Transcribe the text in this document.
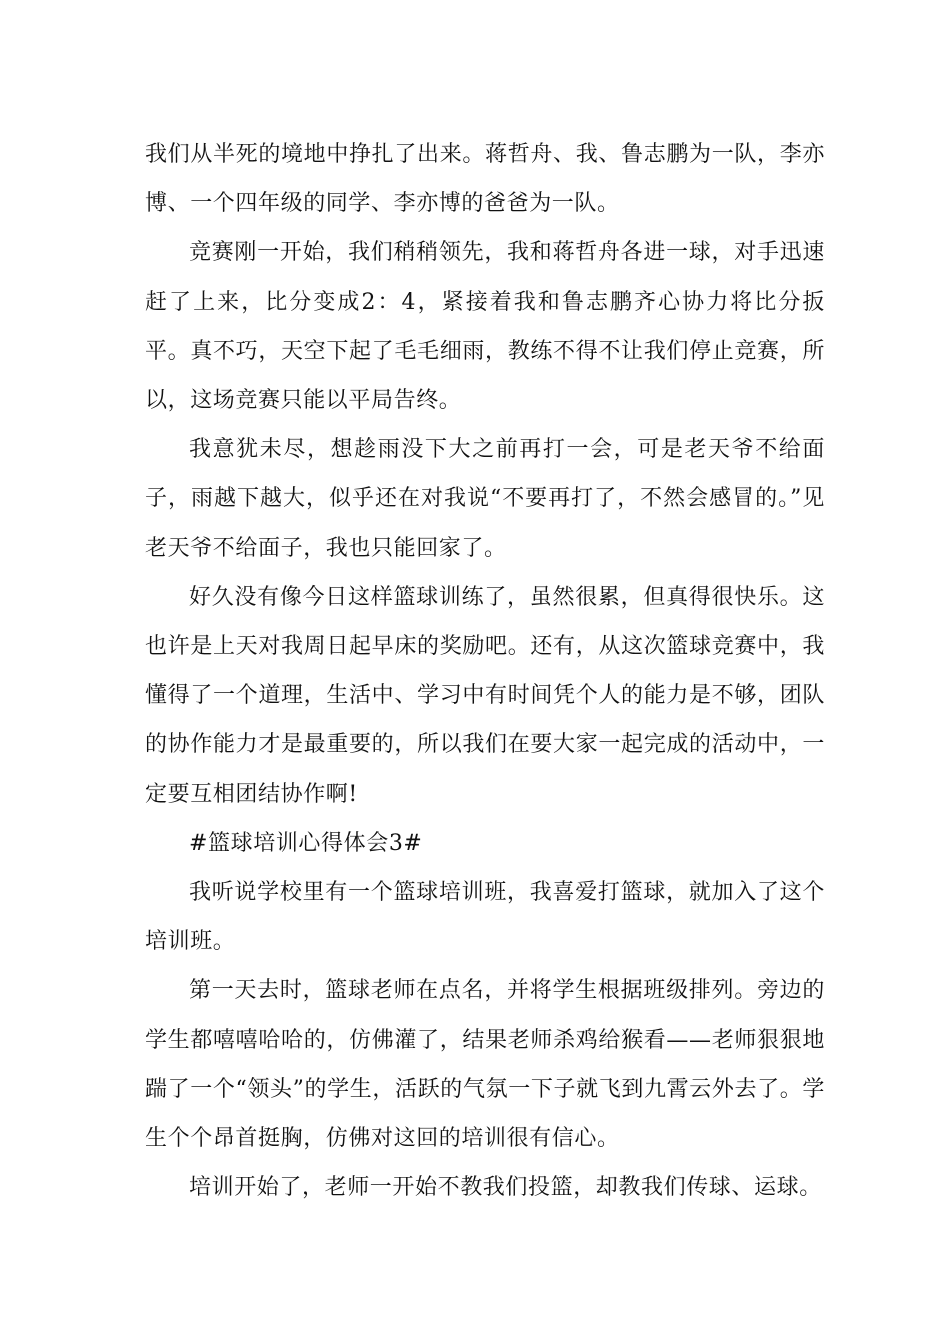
我们从半死的境地中挣扎了出来。蒋哲舟、我、鲁志鹏为一队，李亦博、一个四年级的同学、李亦博的爸爸为一队。

竞赛刚一开始，我们稍稍领先，我和蒋哲舟各进一球，对手迅速赶了上来，比分变成2：4，紧接着我和鲁志鹏齐心协力将比分扳平。真不巧，天空下起了毛毛细雨，教练不得不让我们停止竞赛，所以，这场竞赛只能以平局告终。

我意犹未尽，想趁雨没下大之前再打一会，可是老天爷不给面子，雨越下越大，似乎还在对我说“不要再打了，不然会感冒的。”见老天爷不给面子，我也只能回家了。

好久没有像今日这样篮球训练了，虽然很累，但真得很快乐。这也许是上天对我周日起早床的奖励吧。还有，从这次篮球竞赛中，我懂得了一个道理，生活中、学习中有时间凭个人的能力是不够，团队的协作能力才是最重要的，所以我们在要大家一起完成的活动中，一定要互相团结协作啊!

#篮球培训心得体会3#

我听说学校里有一个篮球培训班，我喜爱打篮球，就加入了这个培训班。

第一天去时，篮球老师在点名，并将学生根据班级排列。旁边的学生都嘻嘻哈哈的，仿佛灌了，结果老师杀鸡给猴看——老师狠狠地踹了一个“领头”的学生，活跃的气氛一下子就飞到九霄云外去了。学生个个昂首挺胸，仿佛对这回的培训很有信心。

培训开始了，老师一开始不教我们投篮，却教我们传球、运球。
